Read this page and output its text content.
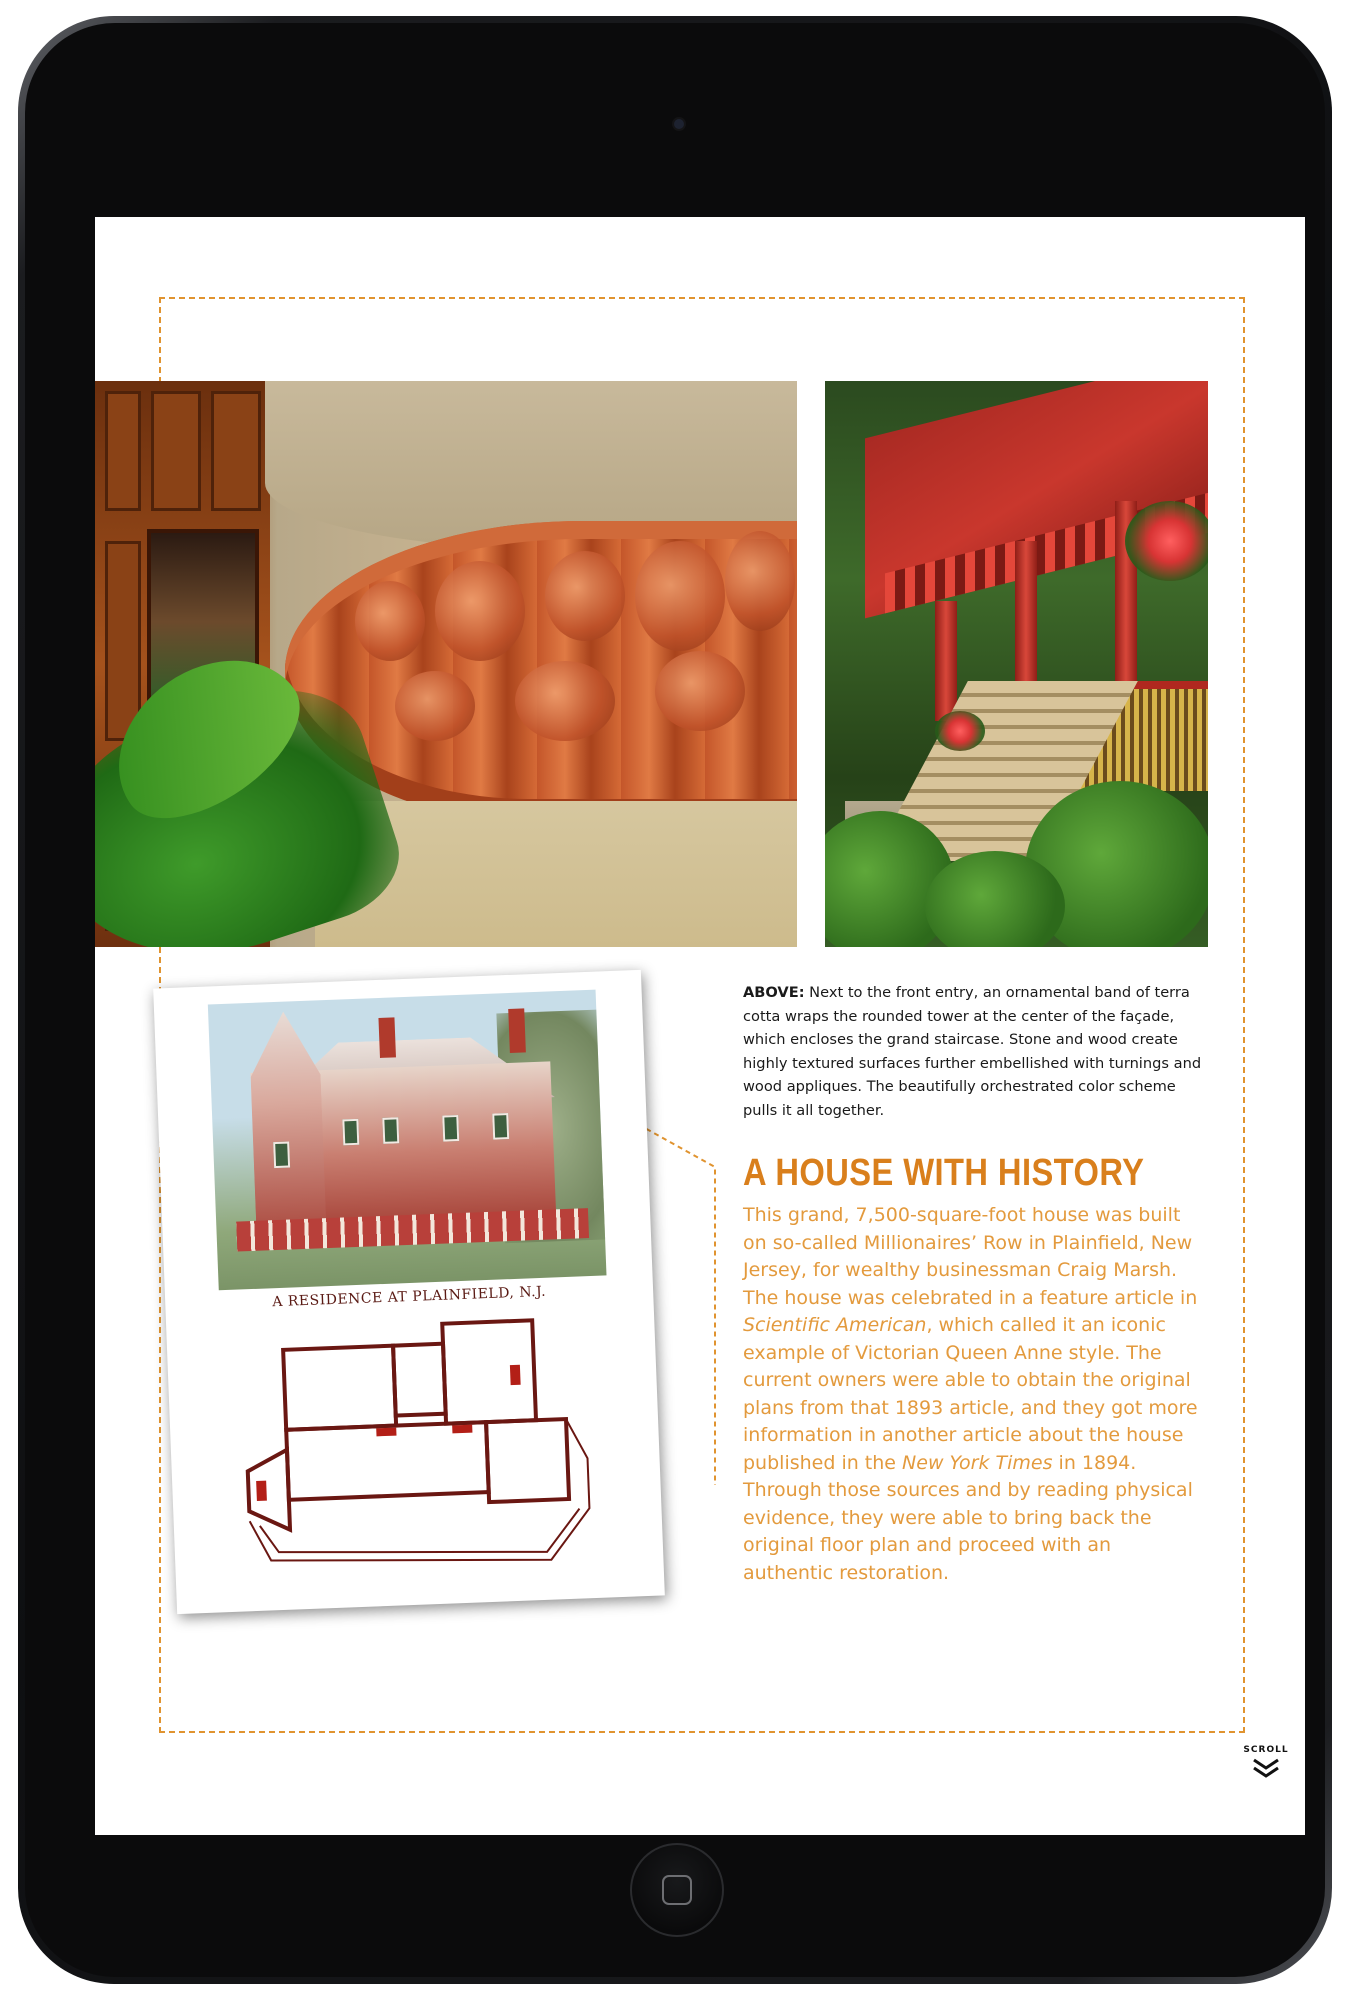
A RESIDENCE AT PLAINFIELD, N.J.
ABOVE: Next to the front entry, an ornamental band of terra cotta wraps the rounded tower at the center of the façade, which encloses the grand staircase. Stone and wood create highly textured surfaces further embellished with turnings and wood appliques. The beautifully orchestrated color scheme pulls it all together.
A HOUSE WITH HISTORY
This grand, 7,500-square-foot house was built on so-called Millionaires’ Row in Plainfield, New Jersey, for wealthy businessman Craig Marsh. The house was celebrated in a feature article in Scientific American, which called it an iconic example of Victorian Queen Anne style. The current owners were able to obtain the original plans from that 1893 article, and they got more information in another article about the house published in the New York Times in 1894. Through those sources and by reading physical evidence, they were able to bring back the original floor plan and proceed with an authentic restoration.
SCROLL
